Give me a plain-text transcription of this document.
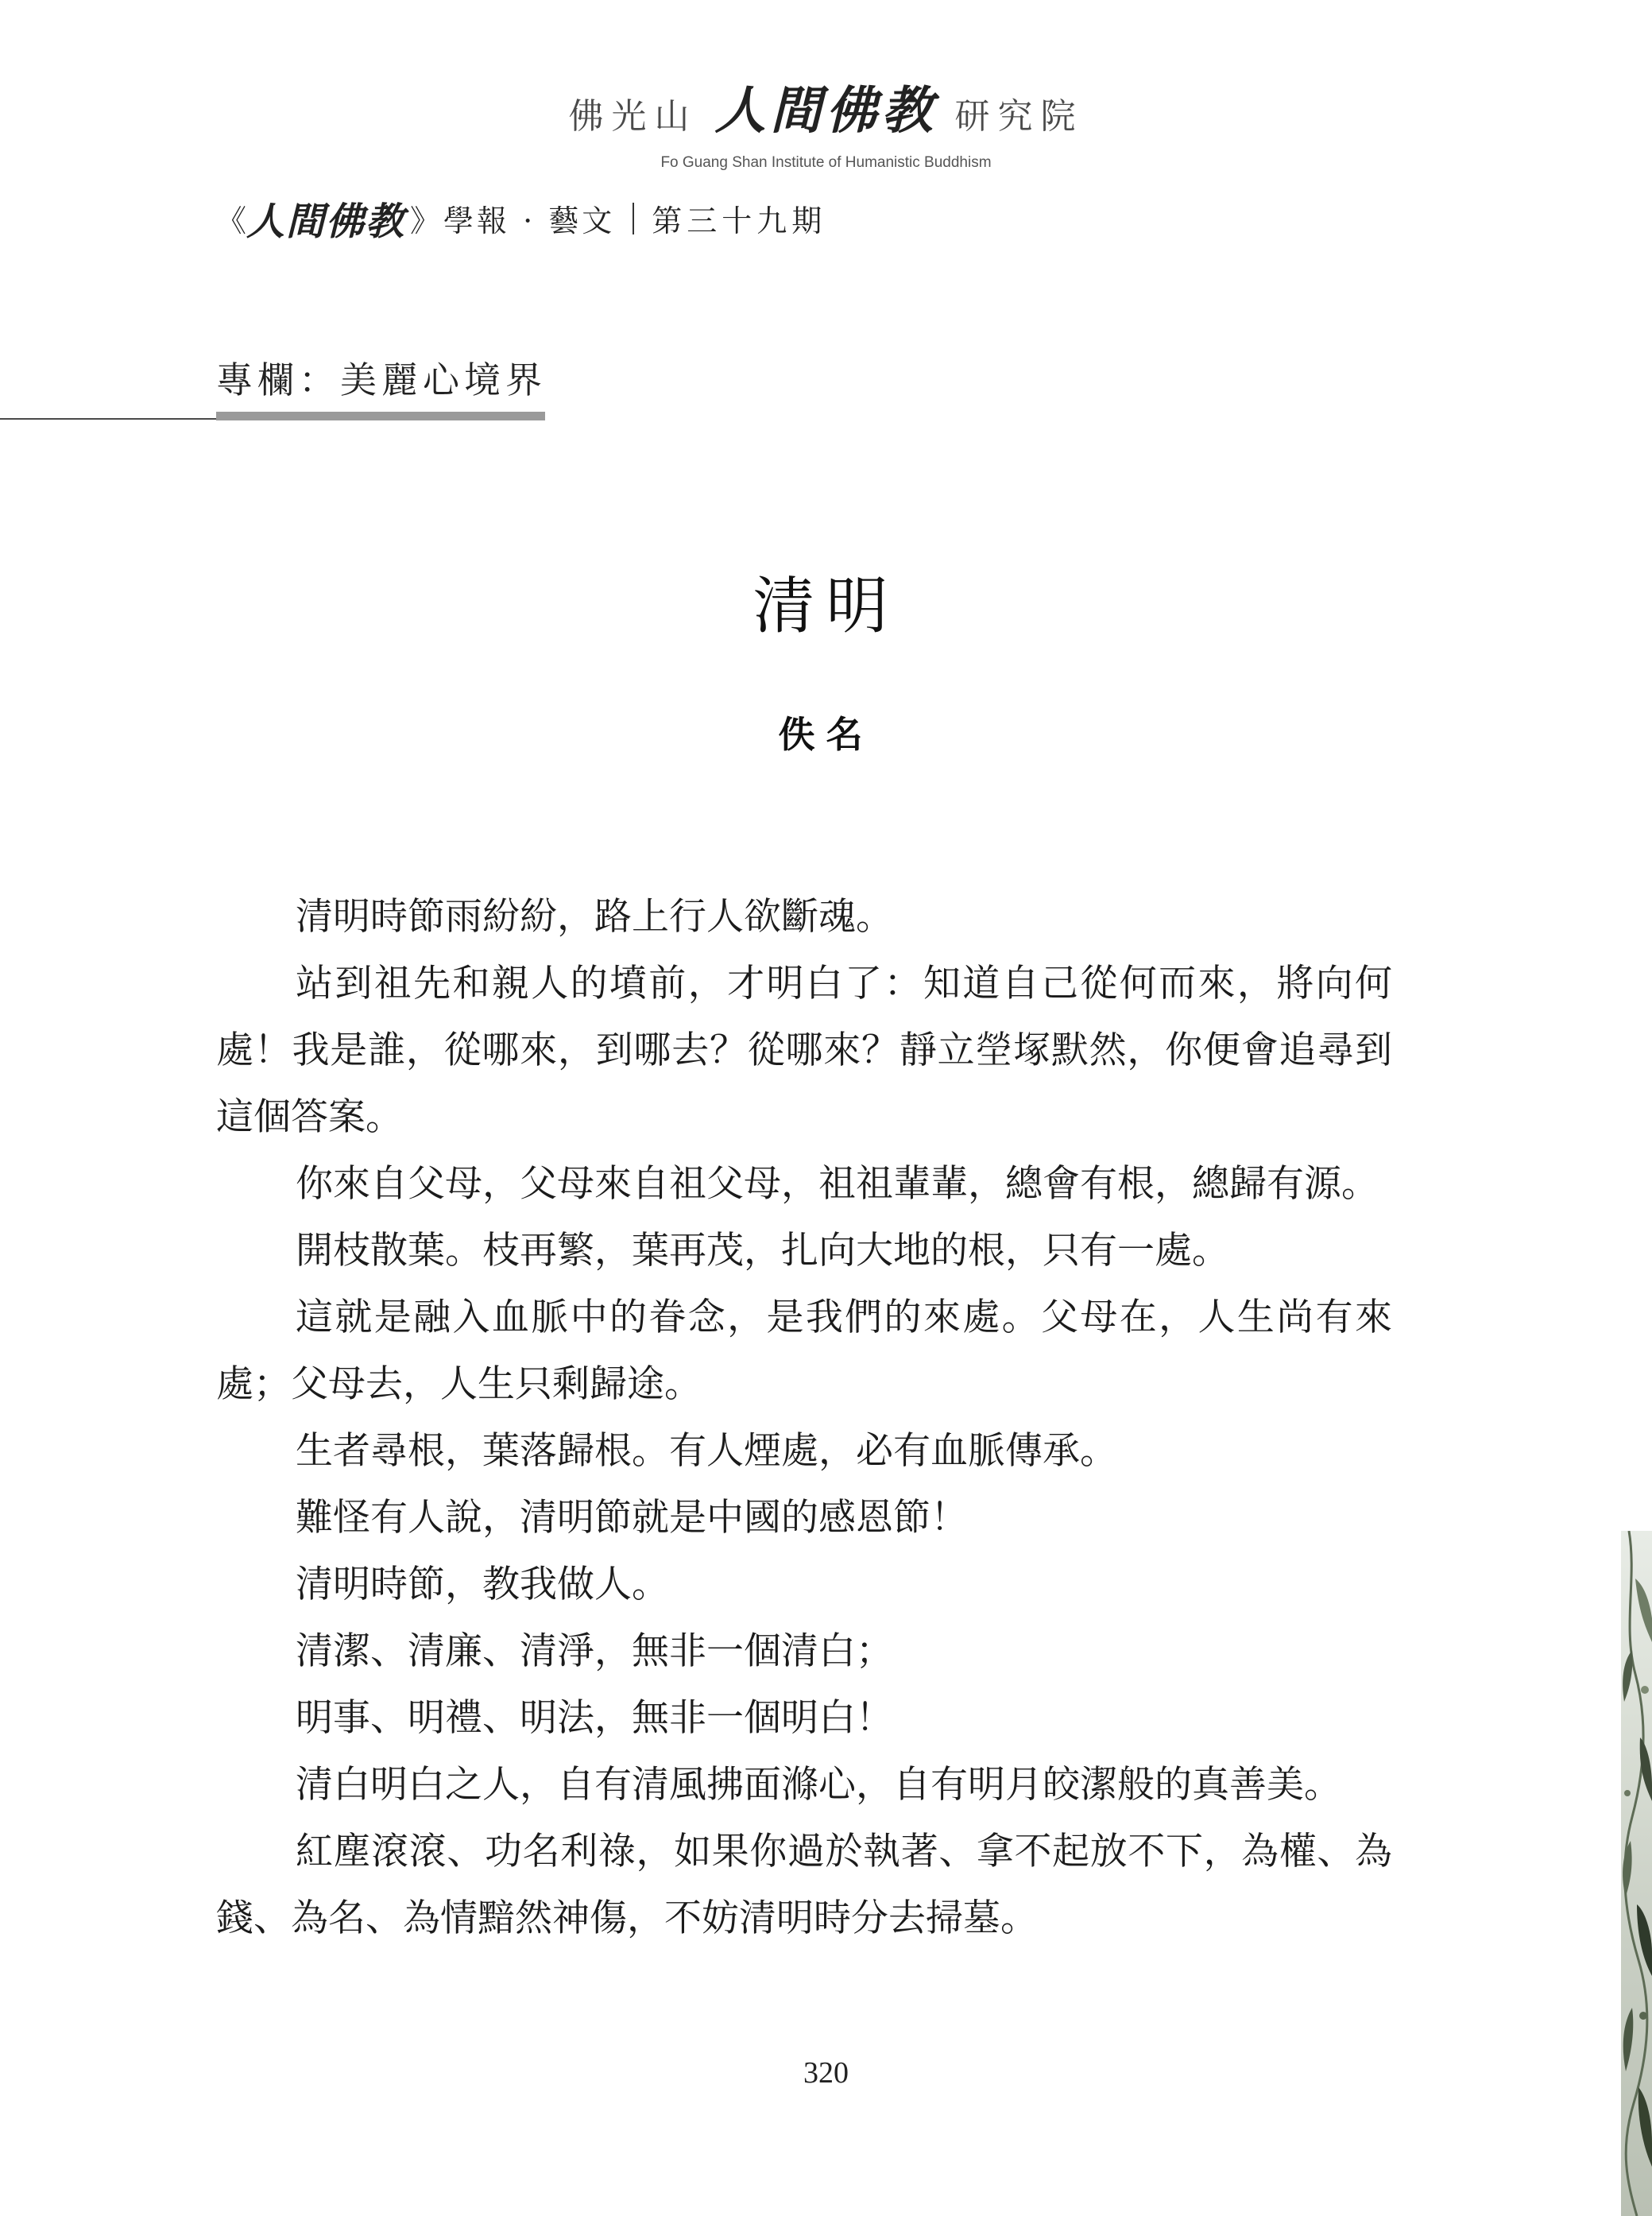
佛光山 人間佛教 研究院
Fo Guang Shan Institute of Humanistic Buddhism
《 人間佛教 》學報 · 藝文 第三十九期
專欄：美麗心境界
清明
佚名

清明時節雨紛紛，路上行人欲斷魂。

站到祖先和親人的墳前，才明白了：知道自己從何而來，將向何處！我是誰，從哪來，到哪去？從哪來？靜立塋塚默然，你便會追尋到這個答案。

你來自父母，父母來自祖父母，祖祖輩輩，總會有根，總歸有源。

開枝散葉。枝再繁，葉再茂，扎向大地的根，只有一處。

這就是融入血脈中的眷念，是我們的來處。父母在，人生尚有來處；父母去，人生只剩歸途。

生者尋根，葉落歸根。有人煙處，必有血脈傳承。

難怪有人說，清明節就是中國的感恩節！

清明時節，教我做人。

清潔、清廉、清淨，無非一個清白；

明事、明禮、明法，無非一個明白！

清白明白之人，自有清風拂面滌心，自有明月皎潔般的真善美。

紅塵滾滾、功名利祿，如果你過於執著、拿不起放不下，為權、為錢、為名、為情黯然神傷，不妨清明時分去掃墓。

320
